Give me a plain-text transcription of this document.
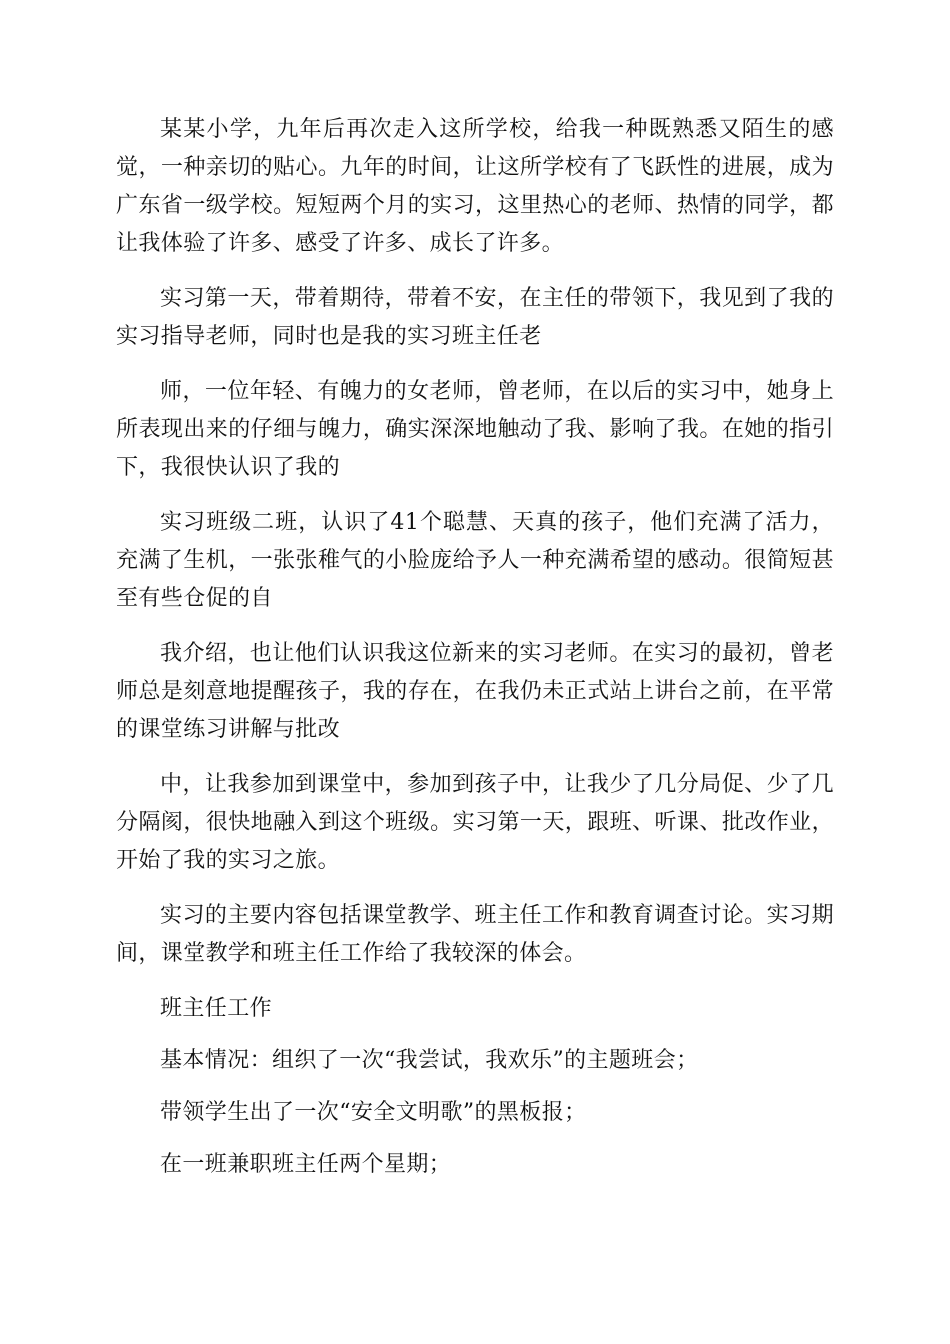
某某小学，九年后再次走入这所学校，给我一种既熟悉又陌生的感觉，一种亲切的贴心。九年的时间，让这所学校有了飞跃性的进展，成为广东省一级学校。短短两个月的实习，这里热心的老师、热情的同学，都让我体验了许多、感受了许多、成长了许多。

实习第一天，带着期待，带着不安，在主任的带领下，我见到了我的实习指导老师，同时也是我的实习班主任老

师，一位年轻、有魄力的女老师，曾老师，在以后的实习中，她身上所表现出来的仔细与魄力，确实深深地触动了我、影响了我。在她的指引下，我很快认识了我的

实习班级二班，认识了41个聪慧、天真的孩子，他们充满了活力，充满了生机，一张张稚气的小脸庞给予人一种充满希望的感动。很简短甚至有些仓促的自

我介绍，也让他们认识我这位新来的实习老师。在实习的最初，曾老师总是刻意地提醒孩子，我的存在，在我仍未正式站上讲台之前，在平常的课堂练习讲解与批改

中，让我参加到课堂中，参加到孩子中，让我少了几分局促、少了几分隔阂，很快地融入到这个班级。实习第一天，跟班、听课、批改作业，开始了我的实习之旅。

实习的主要内容包括课堂教学、班主任工作和教育调查讨论。实习期间，课堂教学和班主任工作给了我较深的体会。

班主任工作

基本情况：组织了一次“我尝试，我欢乐”的主题班会；

带领学生出了一次“安全文明歌”的黑板报；

在一班兼职班主任两个星期；
